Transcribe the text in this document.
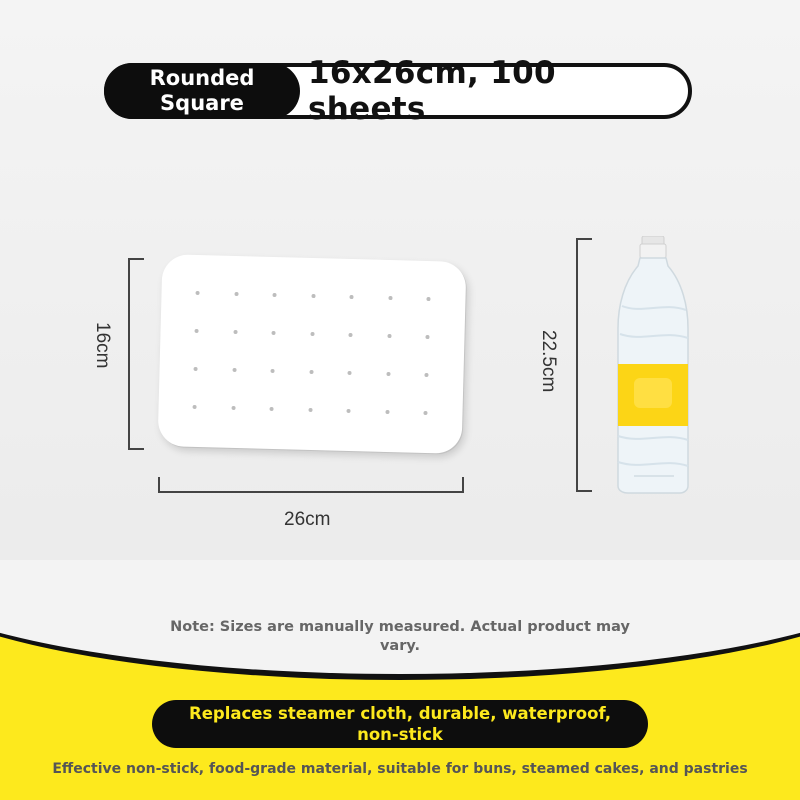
Rounded Square
16x26cm, 100 sheets
16cm
26cm
22.5cm
Note: Sizes are manually measured. Actual product may vary.
Replaces steamer cloth, durable, waterproof, non-stick
Effective non-stick, food-grade material, suitable for buns, steamed cakes, and pastries
